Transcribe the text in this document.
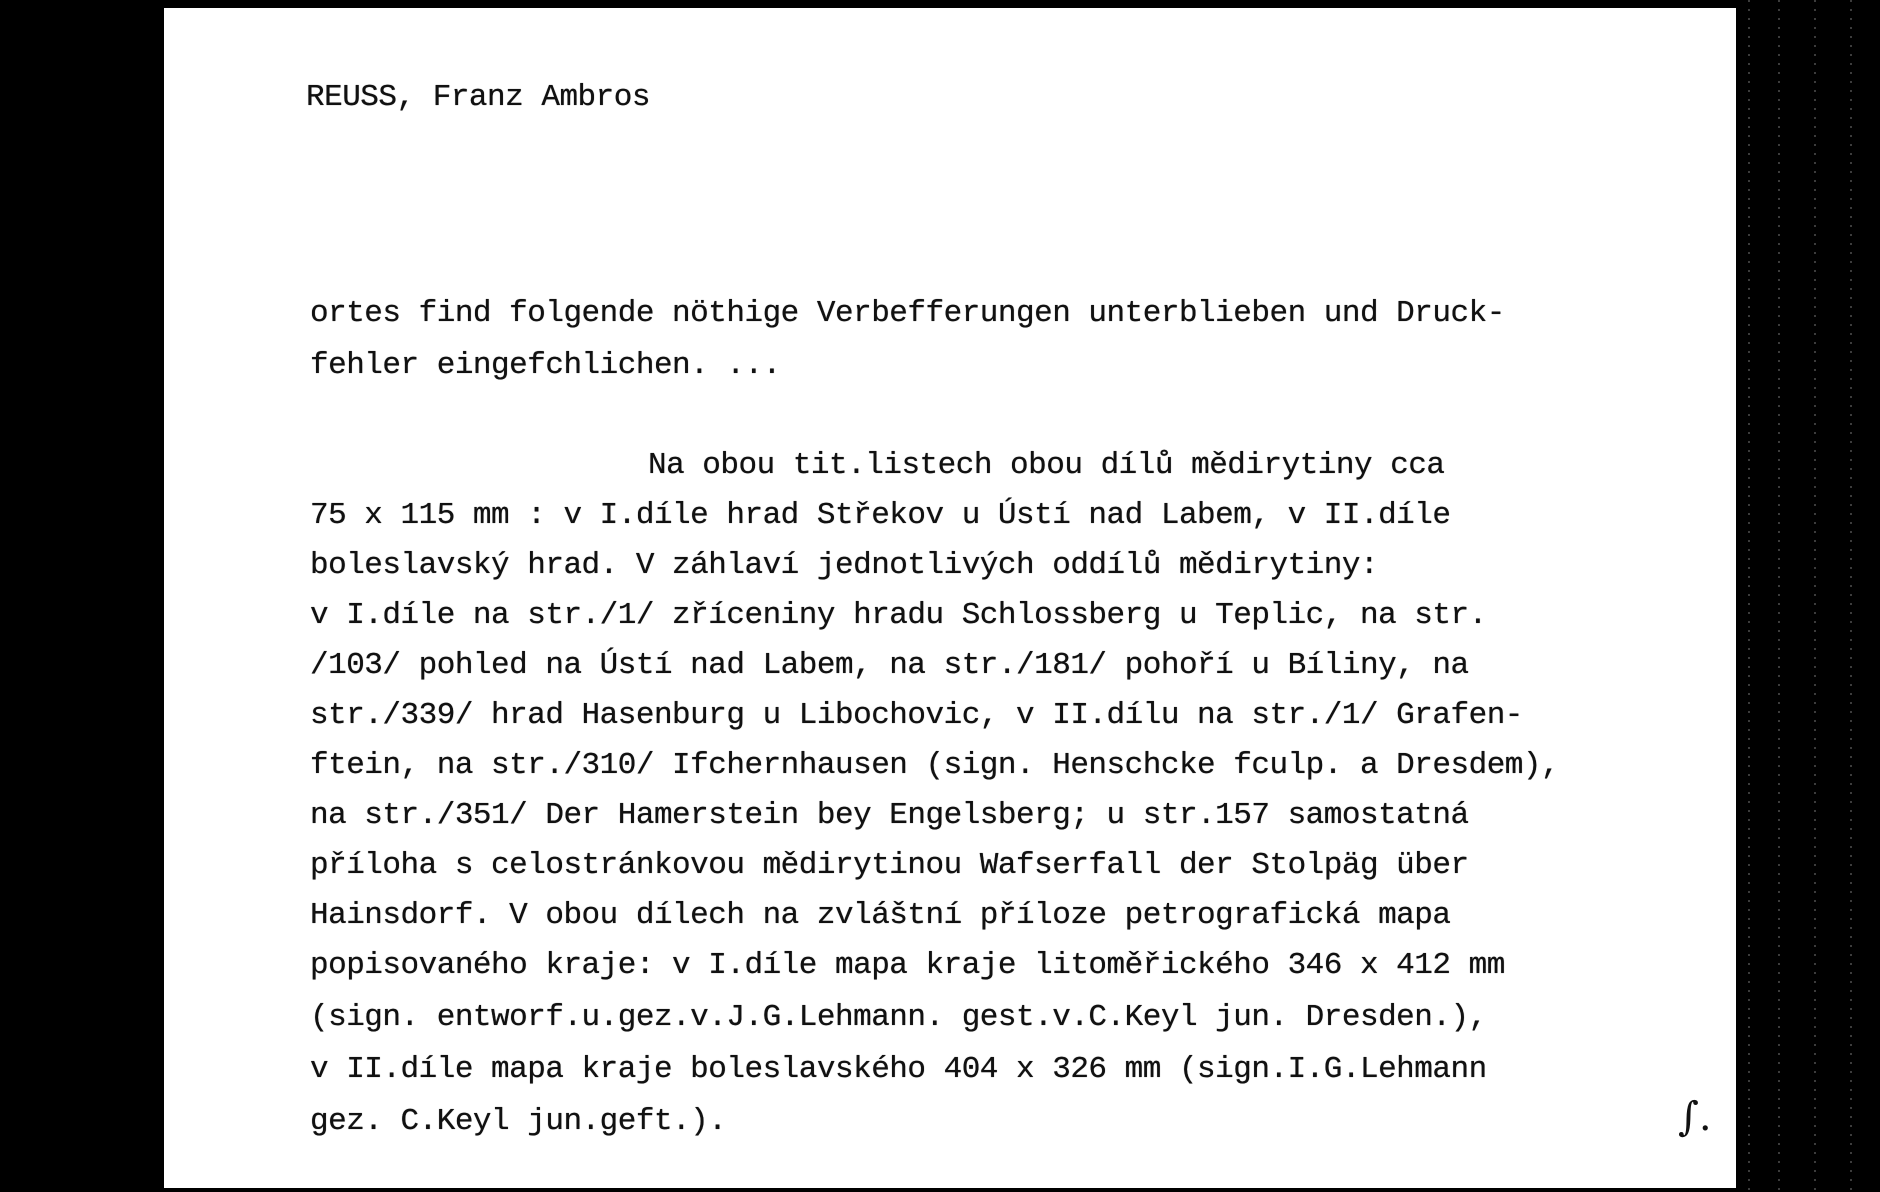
REUSS, Franz Ambros
ortes find folgende nöthige Verbefferungen unterblieben und Druck-
fehler eingefchlichen. ...
Na obou tit.listech obou dílů mědirytiny cca
75 x 115 mm : v I.díle hrad Střekov u Ústí nad Labem, v II.díle
boleslavský hrad. V záhlaví jednotlivých oddílů mědirytiny:
v I.díle na str./1/ zříceniny hradu Schlossberg u Teplic, na str.
/103/ pohled na Ústí nad Labem, na str./181/ pohoří u Bíliny, na
str./339/ hrad Hasenburg u Libochovic, v II.dílu na str./1/ Grafen-
ftein, na str./310/ Ifchernhausen (sign. Henschcke fculp. a Dresdem),
na str./351/ Der Hamerstein bey Engelsberg; u str.157 samostatná
příloha s celostránkovou mědirytinou Wafserfall der Stolpäg über
Hainsdorf. V obou dílech na zvláštní příloze petrografická mapa
popisovaného kraje: v I.díle mapa kraje litoměřického 346 x 412 mm
(sign. entworf.u.gez.v.J.G.Lehmann. gest.v.C.Keyl jun. Dresden.),
v II.díle mapa kraje boleslavského 404 x 326 mm (sign.I.G.Lehmann
gez. C.Keyl jun.geft.).	∫.
